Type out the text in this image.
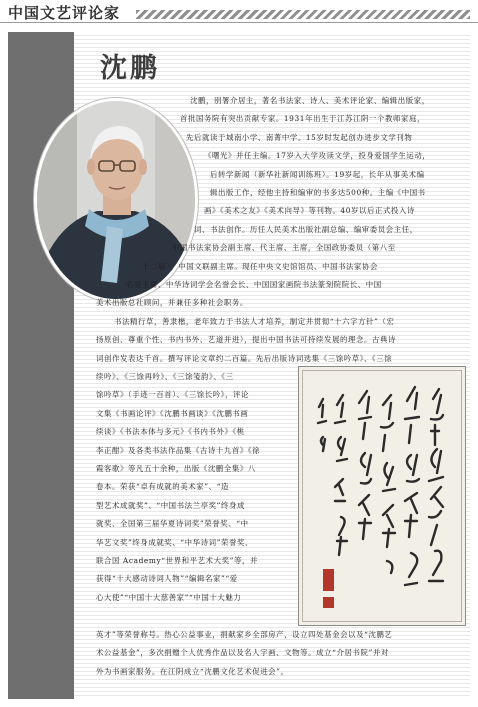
中国文艺评论家
沈鹏
沈鹏，别署介居主，著名书法家、诗人、美术评论家、编辑出版家，
首批国务院有突出贡献专家。1931年出生于江苏江阴一个教师家庭，
先后就读于城南小学、南菁中学。15岁时发起创办进步文学刊物
《曙光》并任主编。17岁入大学攻读文学，投身爱国学生运动，
后转学新闻（新华社新闻训练班）。19岁起，长年从事美术编
辑出版工作，经他主持和编审的书多达500种。主编《中国书
画》《美术之友》《美术向导》等刊物。40岁以后正式投入诗
词、书法创作。历任人民美术出版社副总编、编审委员会主任，
中国书法家协会副主席、代主席、主席，全国政协委员（第八至
十二届）、中国文联副主席。现任中央文史馆馆员、中国书法家协会
名誉主席、中华诗词学会名誉会长、中国国家画院书法篆刻院院长、中国
美术出版总社顾问，并兼任多种社会职务。
书法精行草，善隶楷，老年致力于书法人才培养，制定并贯彻“十六字方针”（宏
扬原创、尊重个性、书内书外、艺道并进），提出中国书法可持续发展的理念。古典诗
词创作发表达千首。撰写评论文章约二百篇。先后出版诗词选集《三馀吟草》、《三馀
续吟》、《三馀再吟》、《三馀笺韵》、《三
馀吟草》（手迹一百首）、《三馀长吟》，评论
文集《书画论评》《沈鹏书画谈》《沈鹏书画
续谈》《书法本体与多元》《书内书外》《桃
李正酣》及各类书法作品集《古诗十九首》《徐
霞客歌》等凡五十余种，出版《沈鹏全集》八
卷本。荣获“卓有成就的美术家”、“造
型艺术成就奖”、“中国书法兰亭奖”终身成
就奖、全国第三届华夏诗词奖”荣誉奖、“中
华艺文奖”终身成就奖、“中华诗词”荣誉奖、
联合国 Academy“世界和平艺术大奖”等，并
获得“十大感动诗词人物”“编辑名家”“爱
心大使”“中国十大慈善家”“中国十大魅力
英才”等荣誉称号。热心公益事业，捐献家乡全部房产，设立四处基金会以及“沈鹏艺
术公益基金”，多次捐赠个人优秀作品以及名人字画、文物等。成立“介居书院”并对
外为书画家服务。在江阴成立“沈鹏文化艺术促进会”。
